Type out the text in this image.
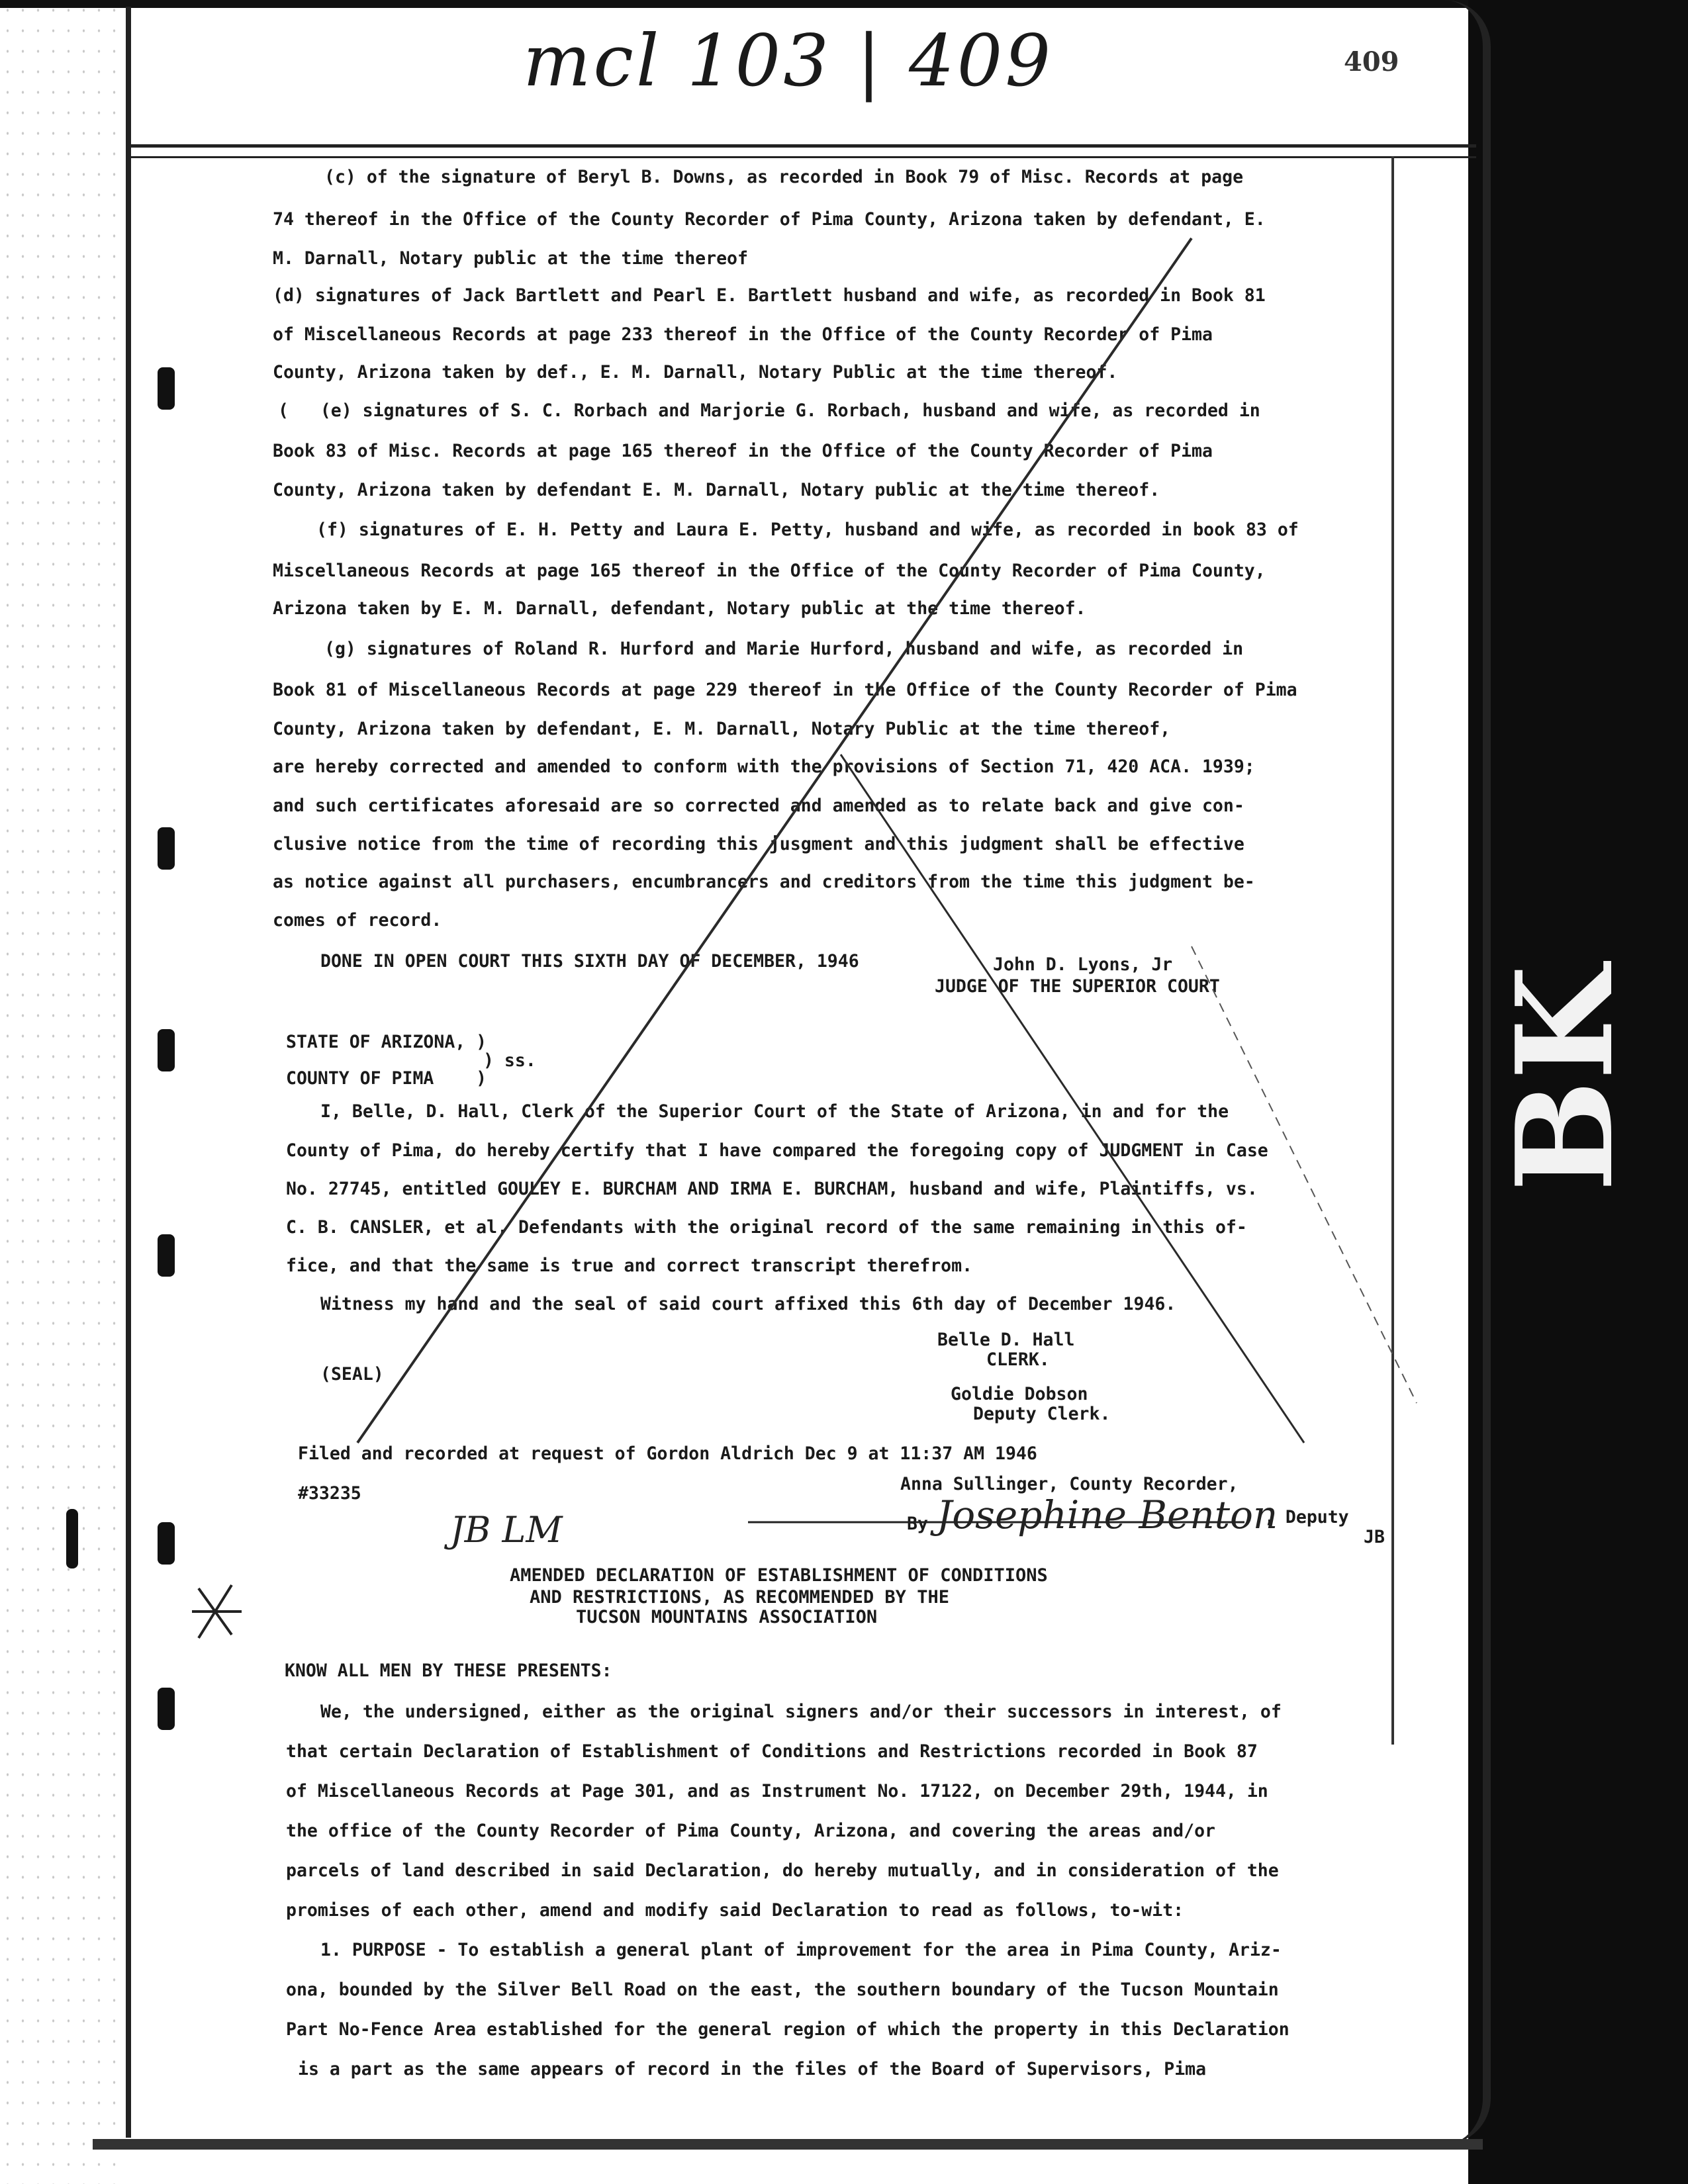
BK
mcl 103 | 409	409
(c) of the signature of Beryl B. Downs, as recorded in Book 79 of Misc. Records at page
74 thereof in the Office of the County Recorder of Pima County, Arizona taken by defendant, E.
M. Darnall, Notary public at the time thereof
(d) signatures of Jack Bartlett and Pearl E. Bartlett husband and wife, as recorded in Book 81
of Miscellaneous Records at page 233 thereof in the Office of the County Recorder of Pima
County, Arizona taken by def., E. M. Darnall, Notary Public at the time thereof.
(   (e) signatures of S. C. Rorbach and Marjorie G. Rorbach, husband and wife, as recorded in
Book 83 of Misc. Records at page 165 thereof in the Office of the County Recorder of Pima
County, Arizona taken by defendant E. M. Darnall, Notary public at the time thereof.
(f) signatures of E. H. Petty and Laura E. Petty, husband and wife, as recorded in book 83 of
Miscellaneous Records at page 165 thereof in the Office of the County Recorder of Pima County,
Arizona taken by E. M. Darnall, defendant, Notary public at the time thereof.
(g) signatures of Roland R. Hurford and Marie Hurford, husband and wife, as recorded in
Book 81 of Miscellaneous Records at page 229 thereof in the Office of the County Recorder of Pima
County, Arizona taken by defendant, E. M. Darnall, Notary Public at the time thereof,
are hereby corrected and amended to conform with the provisions of Section 71, 420 ACA. 1939;
and such certificates aforesaid are so corrected and amended as to relate back and give con-
clusive notice from the time of recording this jusgment and this judgment shall be effective
as notice against all purchasers, encumbrancers and creditors from the time this judgment be-
comes of record.
DONE IN OPEN COURT THIS SIXTH DAY OF DECEMBER, 1946	John D. Lyons, Jr
JUDGE OF THE SUPERIOR COURT
STATE OF ARIZONA, )
) ss.
COUNTY OF PIMA    )
I, Belle, D. Hall, Clerk of the Superior Court of the State of Arizona, in and for the
County of Pima, do hereby certify that I have compared the foregoing copy of JUDGMENT in Case
No. 27745, entitled GOULEY E. BURCHAM AND IRMA E. BURCHAM, husband and wife, Plaintiffs, vs.
C. B. CANSLER, et al, Defendants with the original record of the same remaining in this of-
fice, and that the same is true and correct transcript therefrom.
Witness my hand and the seal of said court affixed this 6th day of December 1946.
Belle D. Hall
CLERK.
(SEAL)
Goldie Dobson
Deputy Clerk.
Filed and recorded at request of Gordon Aldrich Dec 9 at 11:37 AM 1946
Anna Sullinger, County Recorder,
#33235
By	, Deputy
JB
Josephine Benton
JB LM
AMENDED DECLARATION OF ESTABLISHMENT OF CONDITIONS
AND RESTRICTIONS, AS RECOMMENDED BY THE
TUCSON MOUNTAINS ASSOCIATION
KNOW ALL MEN BY THESE PRESENTS:
We, the undersigned, either as the original signers and/or their successors in interest, of
that certain Declaration of Establishment of Conditions and Restrictions recorded in Book 87
of Miscellaneous Records at Page 301, and as Instrument No. 17122, on December 29th, 1944, in
the office of the County Recorder of Pima County, Arizona, and covering the areas and/or
parcels of land described in said Declaration, do hereby mutually, and in consideration of the
promises of each other, amend and modify said Declaration to read as follows, to-wit:
1. PURPOSE - To establish a general plant of improvement for the area in Pima County, Ariz-
ona, bounded by the Silver Bell Road on the east, the southern boundary of the Tucson Mountain
Part No-Fence Area established for the general region of which the property in this Declaration
is a part as the same appears of record in the files of the Board of Supervisors, Pima
